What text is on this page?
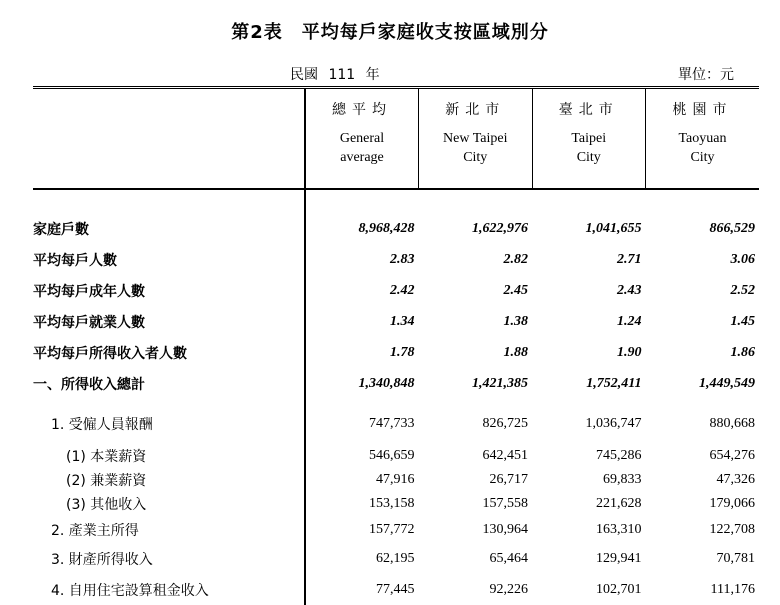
第2表　平均每戶家庭收支按區域別分
民國 111 年	單位：元

	總平均
General
average	新北市
New Taipei
City	臺北市
Taipei
City	桃園市
Taoyuan
City

家庭戶數	8,968,428	1,622,976	1,041,655	866,529
平均每戶人數	2.83	2.82	2.71	3.06
平均每戶成年人數	2.42	2.45	2.43	2.52
平均每戶就業人數	1.34	1.38	1.24	1.45
平均每戶所得收入者人數	1.78	1.88	1.90	1.86
一、所得收入總計	1,340,848	1,421,385	1,752,411	1,449,549
1. 受僱人員報酬	747,733	826,725	1,036,747	880,668
(1) 本業薪資	546,659	642,451	745,286	654,276
(2) 兼業薪資	47,916	26,717	69,833	47,326
(3) 其他收入	153,158	157,558	221,628	179,066
2. 產業主所得	157,772	130,964	163,310	122,708
3. 財產所得收入	62,195	65,464	129,941	70,781
4. 自用住宅設算租金收入	77,445	92,226	102,701	111,176
